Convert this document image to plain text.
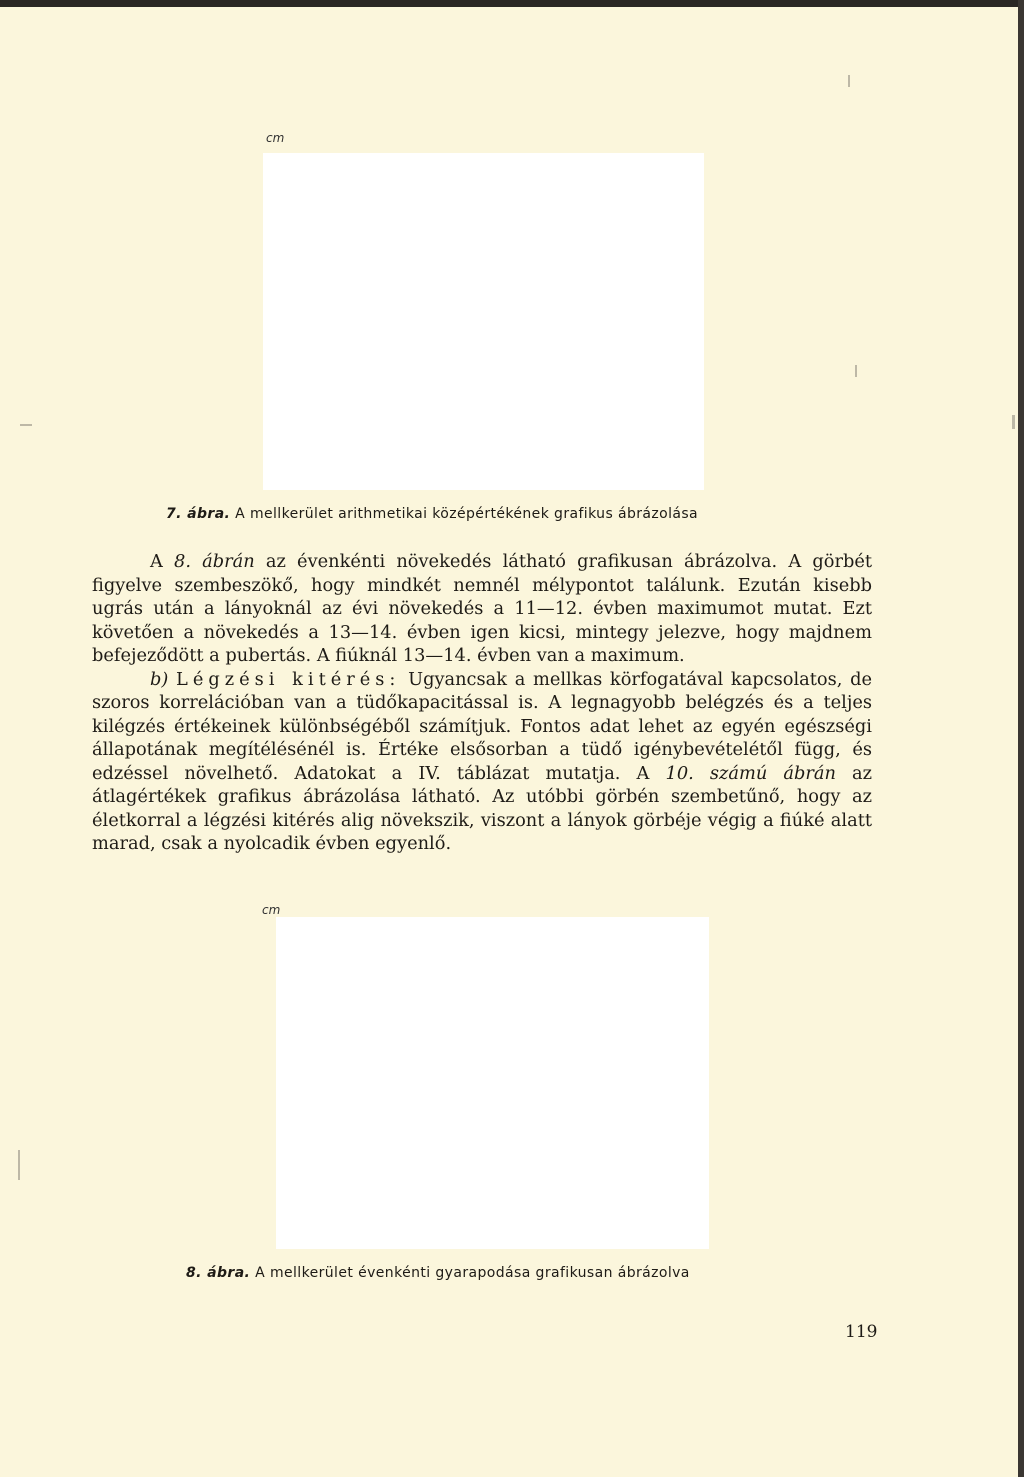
cm
7. ábra. A mellkerület arithmetikai középértékének grafikus ábrázolása

A 8. ábrán az évenkénti növekedés látható grafikusan ábrázolva. A görbét figyelve szembeszökő, hogy mindkét nemnél mélypontot találunk. Ezután kisebb ugrás után a lányoknál az évi növekedés a 11—12. évben maximumot mutat. Ezt követően a növekedés a 13—14. évben igen kicsi, mintegy jelezve, hogy majdnem befejeződött a pubertás. A fiúknál 13—14. évben van a maximum.

b) Légzési kitérés: Ugyancsak a mellkas körfogatával kapcsolatos, de szoros korrelációban van a tüdőkapacitással is. A legnagyobb belégzés és a teljes kilégzés értékeinek különbségéből számítjuk. Fontos adat lehet az egyén egészségi állapotának megítélésénél is. Értéke elsősorban a tüdő igénybevételétől függ, és edzéssel növelhető. Adatokat a IV. táblázat mutatja. A 10. számú ábrán az átlagértékek grafikus ábrázolása látható. Az utóbbi görbén szembetűnő, hogy az életkorral a légzési kitérés alig növekszik, viszont a lányok görbéje végig a fiúké alatt marad, csak a nyolcadik évben egyenlő.

cm
8. ábra. A mellkerület évenkénti gyarapodása grafikusan ábrázolva
119
